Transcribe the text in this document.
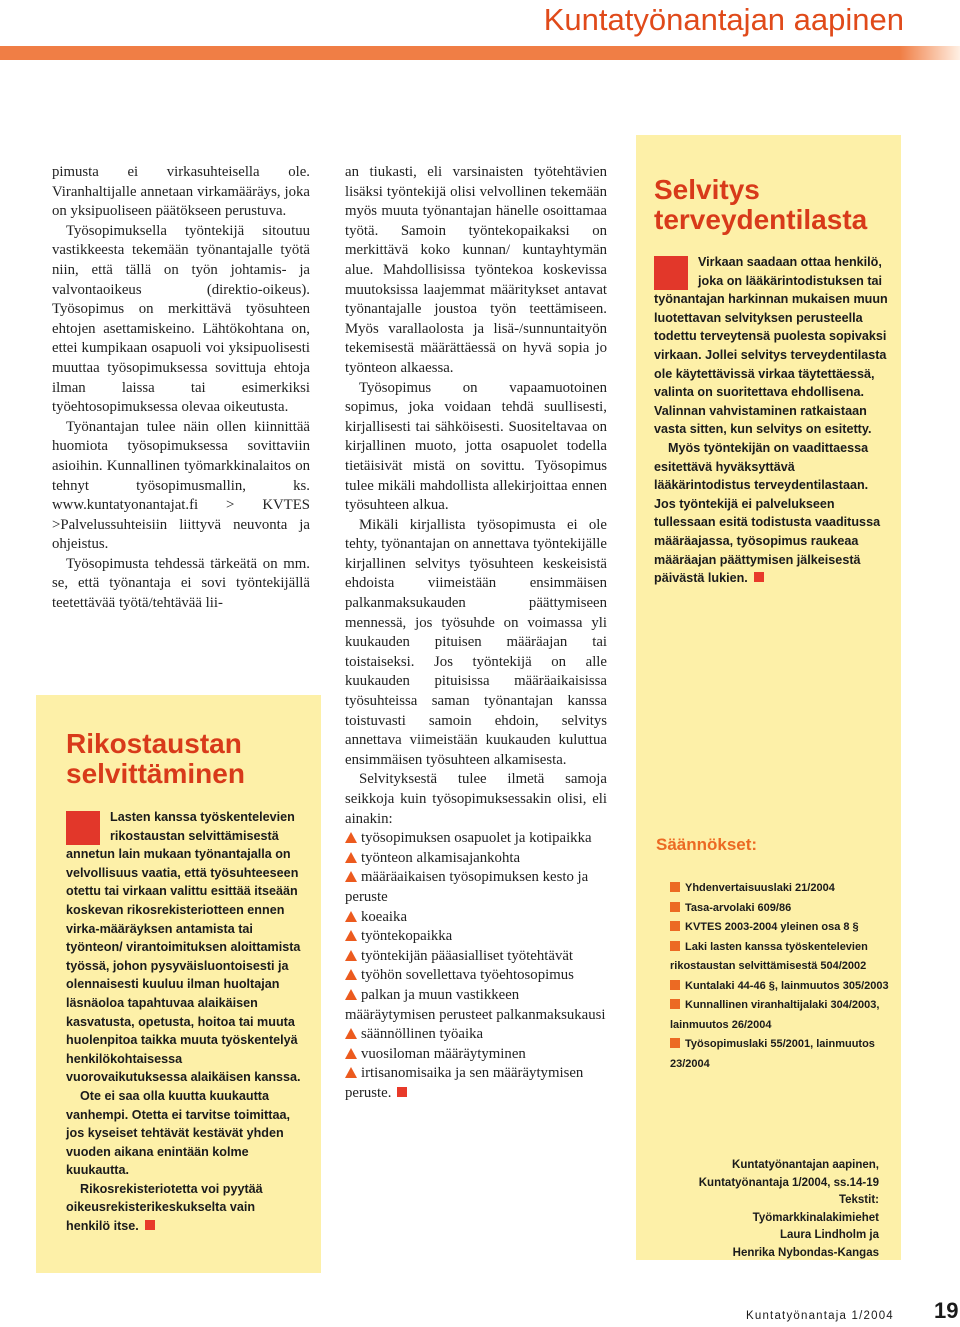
Kuntatyönantajan aapinen

pimusta ei virkasuhteisella ole. Viranhaltijalle annetaan virkamääräys, joka on yksipuoliseen päätökseen perustuva.

Työsopimuksella työntekijä sitoutuu vastikkeesta tekemään työnantajalle työtä niin, että tällä on työn johtamis- ja valvontaoikeus (direktio-oikeus). Työsopimus on merkittävä työsuhteen ehtojen asettamiskeino. Lähtökohtana on, ettei kumpikaan osapuoli voi yksipuolisesti muuttaa työsopimuksessa sovittuja ehtoja ilman laissa tai esimerkiksi työehtosopimuksessa olevaa oikeutusta.

Työnantajan tulee näin ollen kiinnittää huomiota työsopimuksessa sovittaviin asioihin. Kunnallinen työmarkkinalaitos on tehnyt työsopimusmallin, ks. www.kuntatyonantajat.fi > KVTES >Palvelussuhteisiin liittyvä neuvonta ja ohjeistus.

Työsopimusta tehdessä tärkeätä on mm. se, että työnantaja ei sovi työntekijällä teetettävää työtä/tehtävää lii-

Rikostaustan
selvittäminen

Lasten kanssa työskentelevien rikostaustan selvittämisestä annetun lain mukaan työnantajalla on velvollisuus vaatia, että työsuhteeseen otettu tai virkaan valittu esittää itseään koskevan rikosrekisteriotteen ennen virka-määräyksen antamista tai työnteon/ virantoimituksen aloittamista työssä, johon pysyväisluontoisesti ja olennaisesti kuuluu ilman huoltajan läsnäoloa tapahtuvaa alaikäisen kasvatusta, opetusta, hoitoa tai muuta huolenpitoa taikka muuta työskentelyä henkilökohtaisessa vuorovaikutuksessa alaikäisen kanssa.

Ote ei saa olla kuutta kuukautta vanhempi. Otetta ei tarvitse toimittaa, jos kyseiset tehtävät kestävät yhden vuoden aikana enintään kolme kuukautta.

Rikosrekisteriotetta voi pyytää oikeusrekisterikeskukselta vain henkilö itse.

an tiukasti, eli varsinaisten työtehtävien lisäksi työntekijä olisi velvollinen tekemään myös muuta työnantajan hänelle osoittamaa työtä. Samoin työntekopaikaksi on merkittävä koko kunnan/ kuntayhtymän alue. Mahdollisissa työntekoa koskevissa muutoksissa laajemmat määritykset antavat työnantajalle joustoa työn teettämiseen. Myös varallaolosta ja lisä-/sunnuntaityön tekemisestä määrättäessä on hyvä sopia jo työnteon alkaessa.

Työsopimus on vapaamuotoinen sopimus, joka voidaan tehdä suullisesti, kirjallisesti tai sähköisesti. Suositeltavaa on kirjallinen muoto, jotta osapuolet todella tietäisivät mistä on sovittu. Työsopimus tulee mikäli mahdollista allekirjoittaa ennen työsuhteen alkua.

Mikäli kirjallista työsopimusta ei ole tehty, työnantajan on annettava työntekijälle kirjallinen selvitys työsuhteen keskeisistä ehdoista viimeistään ensimmäisen palkanmaksukauden päättymiseen mennessä, jos työsuhde on voimassa yli kuukauden pituisen määräajan tai toistaiseksi. Jos työntekijä on alle kuukauden pituisissa määräaikaisissa työsuhteissa saman työnantajan kanssa toistuvasti samoin ehdoin, selvitys annettava viimeistään kuukauden kuluttua ensimmäisen työsuhteen alkamisesta.

Selvityksestä tulee ilmetä samoja seikkoja kuin työsopimuksessakin olisi, eli ainakin:

työsopimuksen osapuolet ja kotipaikka
työnteon alkamisajankohta
määräaikaisen työsopimuksen kesto ja peruste
koeaika
työntekopaikka
työntekijän pääasialliset työtehtävät
työhön sovellettava työehtosopimus
palkan ja muun vastikkeen määräytymisen perusteet palkanmaksukausi
säännöllinen työaika
vuosiloman määräytyminen
irtisanomisaika ja sen määräytymisen peruste.
Selvitys
terveydentilasta

Virkaan saadaan ottaa henkilö, joka on lääkärintodistuksen tai työnantajan harkinnan mukaisen muun luotettavan selvityksen perusteella todettu terveytensä puolesta sopivaksi virkaan. Jollei selvitys terveydentilasta ole käytettävissä virkaa täytettäessä, valinta on suoritettava ehdollisena. Valinnan vahvistaminen ratkaistaan vasta sitten, kun selvitys on esitetty.

Myös työntekijän on vaadittaessa esitettävä hyväksyttävä lääkärintodistus terveydentilastaan. Jos työntekijä ei palvelukseen tullessaan esitä todistusta vaaditussa määräajassa, työsopimus raukeaa määräajan päättymisen jälkeisestä päivästä lukien.

Säännökset:
Yhdenvertaisuuslaki 21/2004
Tasa-arvolaki 609/86
KVTES 2003-2004 yleinen osa 8 §
Laki lasten kanssa työskentelevien rikostaustan selvittämisestä 504/2002
Kuntalaki 44-46 §, lainmuutos 305/2003
Kunnallinen viranhaltijalaki 304/2003, lainmuutos 26/2004
Työsopimuslaki 55/2001, lainmuutos 23/2004
Kuntatyönantajan aapinen,
Kuntatyönantaja 1/2004, ss.14-19
Tekstit:
Työmarkkinalakimiehet
Laura Lindholm ja
Henrika Nybondas-Kangas
Kuntatyönantaja 1/2004 19
